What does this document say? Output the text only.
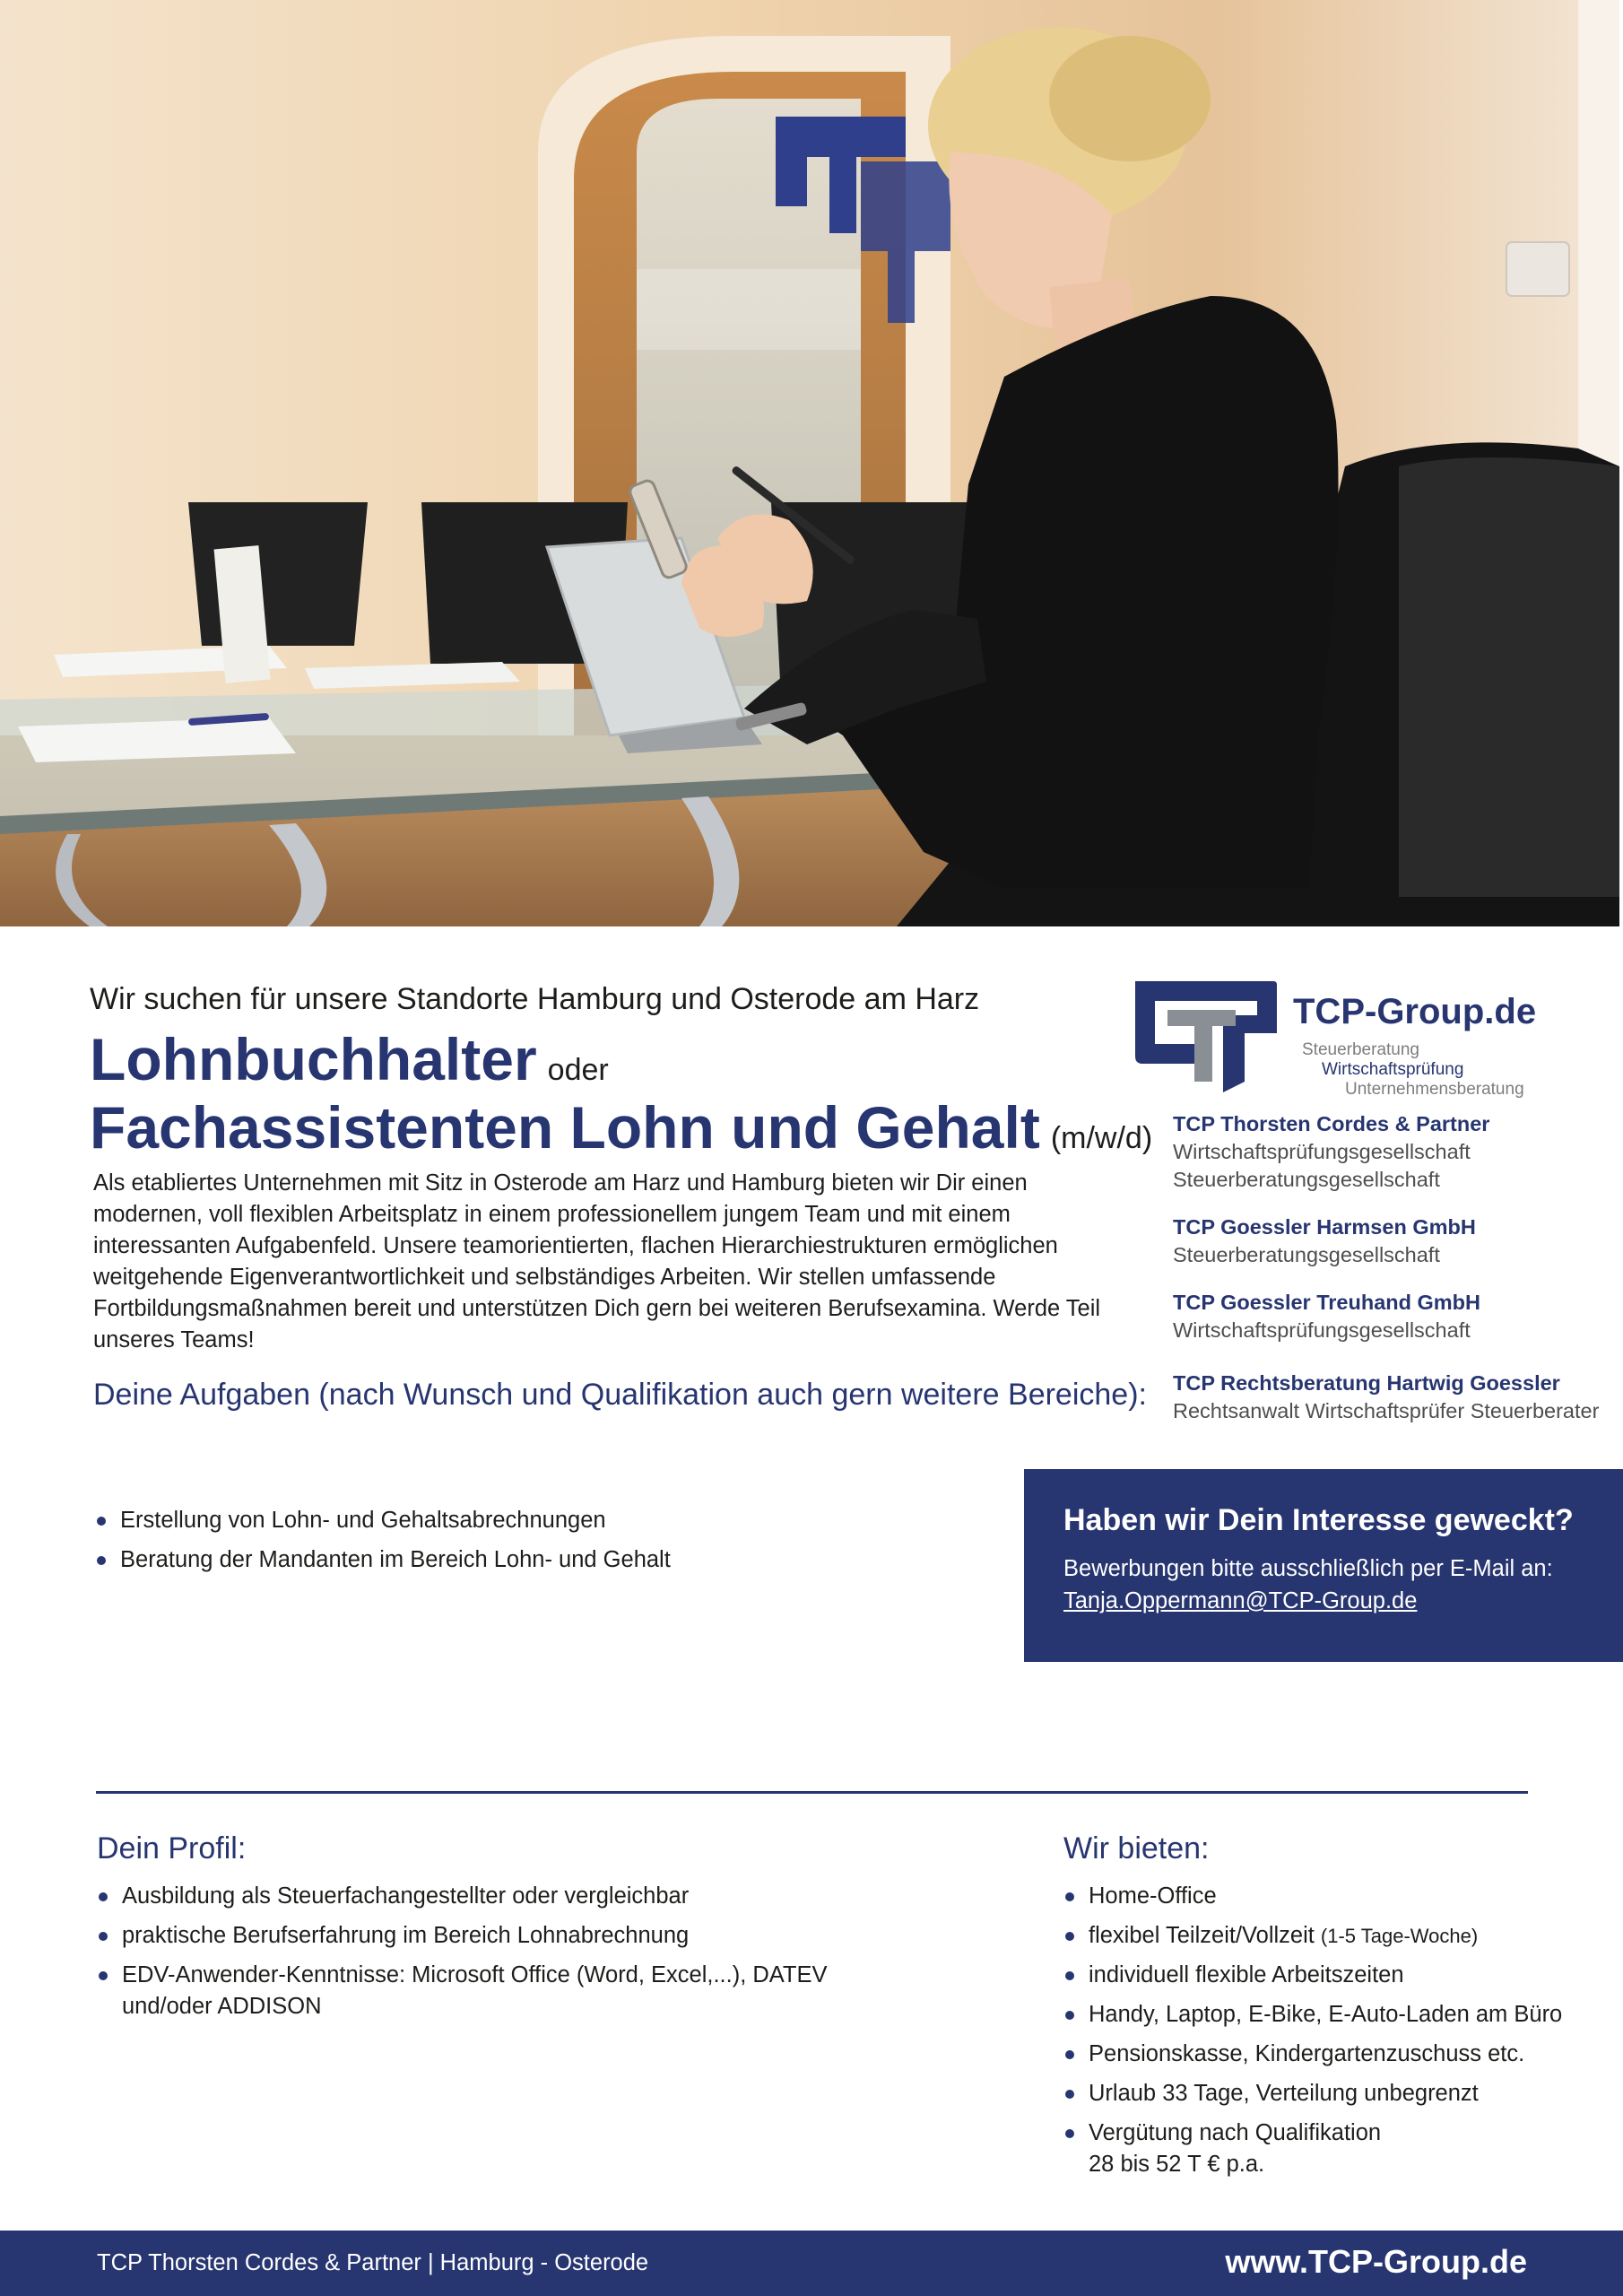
Wir suchen für unsere Standorte Hamburg und Osterode am Harz
Lohnbuchhalter oder
Fachassistenten Lohn und Gehalt (m/w/d)

Als etabliertes Unternehmen mit Sitz in Osterode am Harz und Hamburg bieten wir Dir einen modernen, voll flexiblen Arbeitsplatz in einem professionellem jungem Team und mit einem interessanten Aufgabenfeld. Unsere teamorientierten, flachen Hierarchiestrukturen ermöglichen weitgehende Eigenverantwortlichkeit und selbständiges Arbeiten. Wir stellen umfassende Fortbildungsmaßnahmen bereit und unterstützen Dich gern bei weiteren Berufsexamina. Werde Teil unseres Teams!

Deine Aufgaben (nach Wunsch und Qualifikation auch gern weitere Bereiche):
TCP-Group.de
Steuerberatung
Wirtschaftsprüfung
Unternehmensberatung
TCP Thorsten Cordes & Partner
Wirtschaftsprüfungsgesellschaft
Steuerberatungsgesellschaft
TCP Goessler Harmsen GmbH
Steuerberatungsgesellschaft
TCP Goessler Treuhand GmbH
Wirtschaftsprüfungsgesellschaft
TCP Rechtsberatung Hartwig Goessler
Rechtsanwalt Wirtschaftsprüfer Steuerberater
Erstellung von Lohn- und Gehaltsabrechnungen
Beratung der Mandanten im Bereich Lohn- und Gehalt
Haben wir Dein Interesse geweckt?
Bewerbungen bitte ausschließlich per E-Mail an:
Tanja.Oppermann@TCP-Group.de
Dein Profil:
Ausbildung als Steuerfachangestellter oder vergleichbar
praktische Berufserfahrung im Bereich Lohnabrechnung
EDV-Anwender-Kenntnisse: Microsoft Office (Word, Excel,...), DATEV
und/oder ADDISON
Wir bieten:
Home-Office
flexibel Teilzeit/Vollzeit (1-5 Tage-Woche)
individuell flexible Arbeitszeiten
Handy, Laptop, E-Bike, E-Auto-Laden am Büro
Pensionskasse, Kindergartenzuschuss etc.
Urlaub 33 Tage, Verteilung unbegrenzt
Vergütung nach Qualifikation
28 bis 52 T € p.a.
TCP Thorsten Cordes & Partner | Hamburg - Osterode	www.TCP-Group.de
